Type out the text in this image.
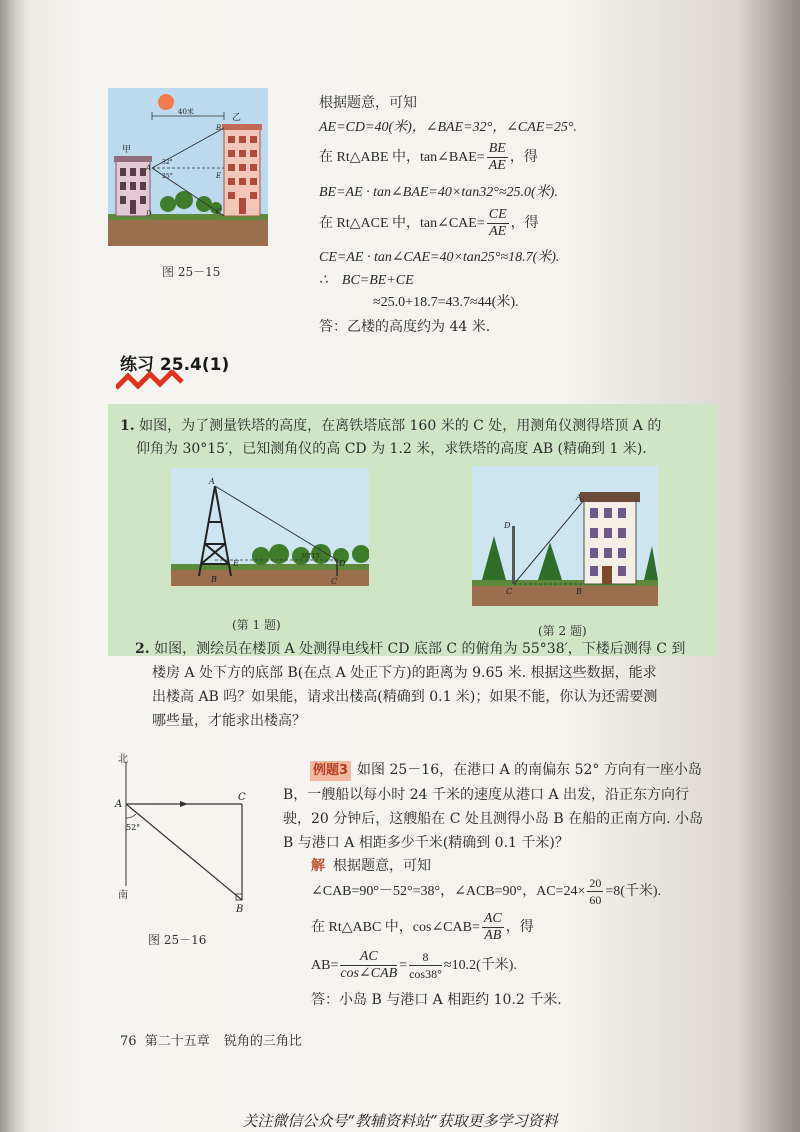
40米
甲
乙
A
B
C
D
E
32°
25°
图 25－15
根据题意，可知
AE=CD=40(米)，∠BAE=32°，∠CAE=25°.
在 Rt△ABE 中，tan∠BAE= $\frac{BE}{AE}$ ，得
BE=AE · tan∠BAE=40×tan32°≈25.0(米).
在 Rt△ACE 中，tan∠CAE= $\frac{CE}{AE}$ ，得
CE=AE · tan∠CAE=40×tan25°≈18.7(米).
∴　BC=BE+CE
≈25.0+18.7=43.7≈44(米).
答：乙楼的高度约为 44 米.
练习 25.4(1)
1. 如图，为了测量铁塔的高度，在离铁塔底部 160 米的 C 处，用测角仪测得塔顶 A 的
仰角为 30°15′，已知测角仪的高 CD 为 1.2 米，求铁塔的高度 AB (精确到 1 米).
A
B	C
D
E
30°15′
(第 1 题)
A
B
C
D
(第 2 题)
2. 如图，测绘员在楼顶 A 处测得电线杆 CD 底部 C 的俯角为 55°38′，下楼后测得 C 到
楼房 A 处下方的底部 B(在点 A 处正下方)的距离为 9.65 米. 根据这些数据，能求
出楼高 AB 吗？如果能，请求出楼高(精确到 0.1 米)；如果不能，你认为还需要测
哪些量，才能求出楼高？
北
南
52°
A
B
C
图 25－16
例题3 如图 25－16，在港口 A 的南偏东 52° 方向有一座小岛
B，一艘船以每小时 24 千米的速度从港口 A 出发，沿正东方向行
驶，20 分钟后，这艘船在 C 处且测得小岛 B 在船的正南方向. 小岛
B 与港口 A 相距多少千米(精确到 0.1 千米)？
解 根据题意，可知
∠CAB=90°－52°=38°，∠ACB=90°，$AC=24\times \frac{20}{60} =8$(千米).
在 Rt△ABC 中，cos∠CAB= $\frac{AC}{AB}$ ，得
$AB= \frac{AC}{\text{cos∠CAB}} = \frac{8}{\cos 38^\circ} \approx 10.2$(千米).
答：小岛 B 与港口 A 相距约 10.2 千米.
76 第二十五章 锐角的三角比
关注微信公众号“教辅资料站”获取更多学习资料
